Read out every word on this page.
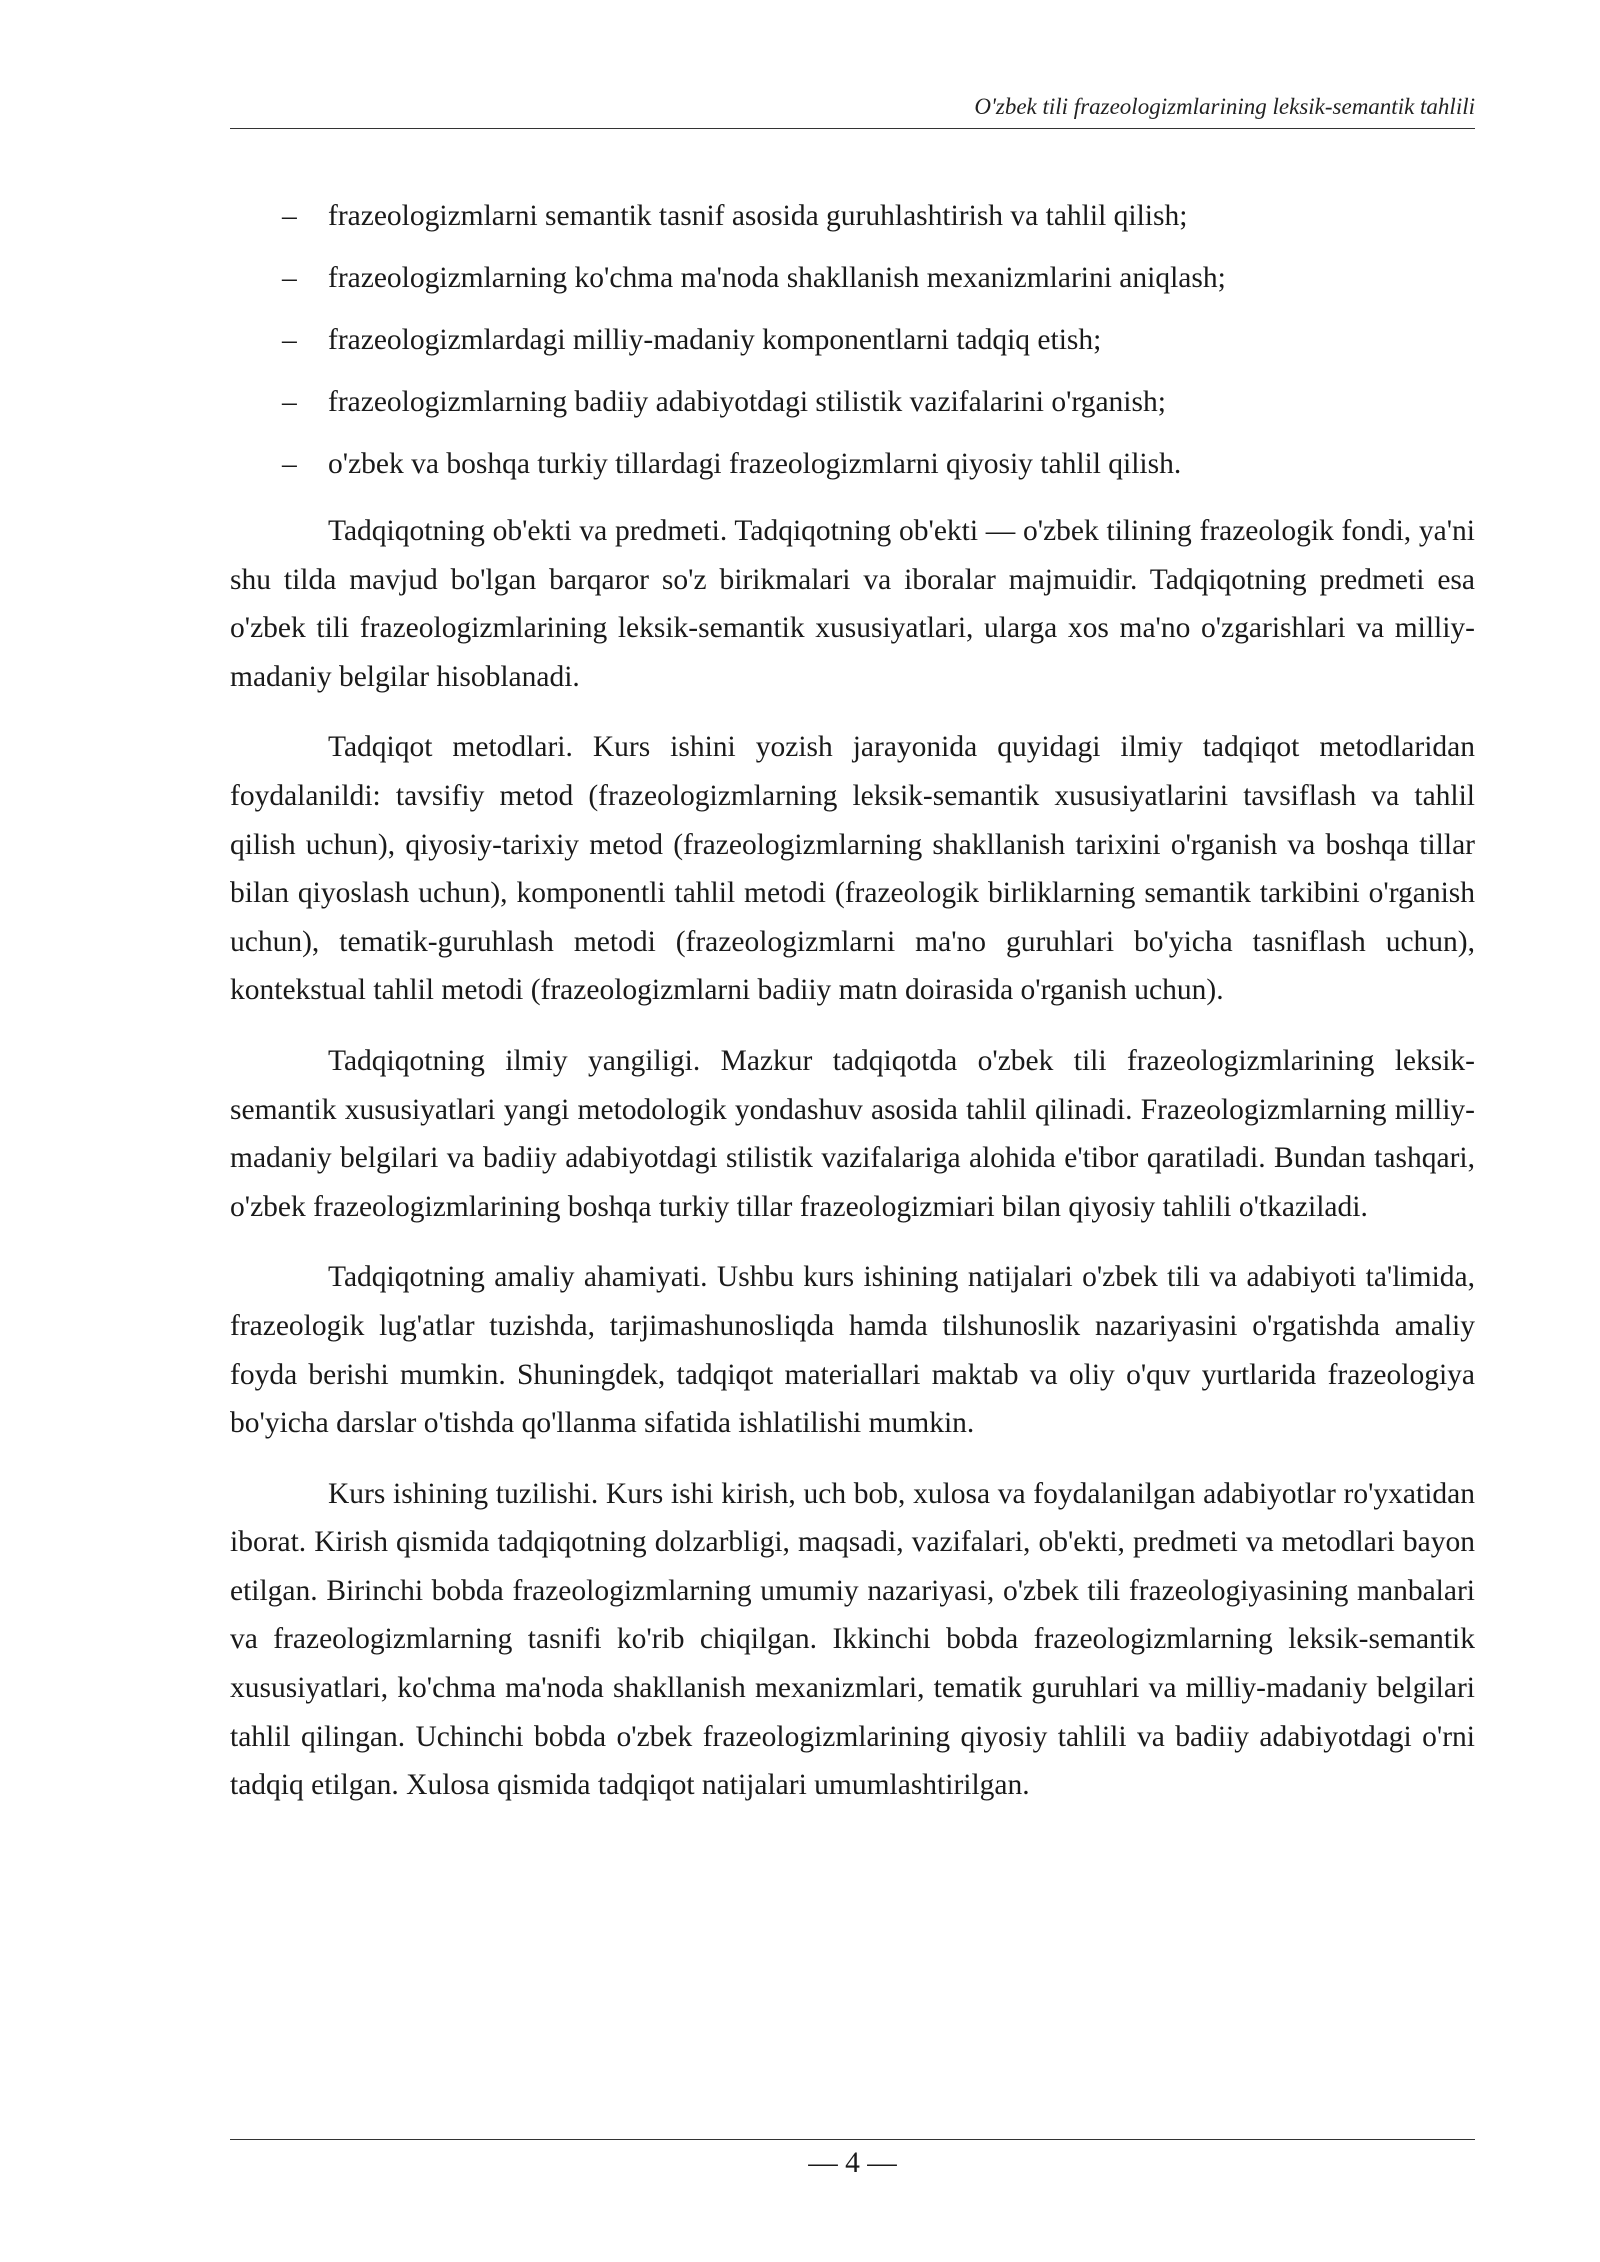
O'zbek tili frazeologizmlarining leksik-semantik tahlili
– frazeologizmlarni semantik tasnif asosida guruhlashtirish va tahlil qilish;
– frazeologizmlarning ko'chma ma'noda shakllanish mexanizmlarini aniqlash;
– frazeologizmlardagi milliy-madaniy komponentlarni tadqiq etish;
– frazeologizmlarning badiiy adabiyotdagi stilistik vazifalarini o'rganish;
– o'zbek va boshqa turkiy tillardagi frazeologizmlarni qiyosiy tahlil qilish.

Tadqiqotning ob'ekti va predmeti. Tadqiqotning ob'ekti — o'zbek tilining frazeologik fondi, ya'ni shu tilda mavjud bo'lgan barqaror so'z birikmalari va iboralar majmuidir. Tadqiqotning predmeti esa o'zbek tili frazeologizmlarining leksik-semantik xususiyatlari, ularga xos ma'no o'zgarishlari va milliy-madaniy belgilar hisoblanadi.

Tadqiqot metodlari. Kurs ishini yozish jarayonida quyidagi ilmiy tadqiqot metodlaridan foydalanildi: tavsifiy metod (frazeologizmlarning leksik-semantik xususiyatlarini tavsiflash va tahlil qilish uchun), qiyosiy-tarixiy metod (frazeologizmlarning shakllanish tarixini o'rganish va boshqa tillar bilan qiyoslash uchun), komponentli tahlil metodi (frazeologik birliklarning semantik tarkibini o'rganish uchun), tematik-guruhlash metodi (frazeologizmlarni ma'no guruhlari bo'yicha tasniflash uchun), kontekstual tahlil metodi (frazeologizmlarni badiiy matn doirasida o'rganish uchun).

Tadqiqotning ilmiy yangiligi. Mazkur tadqiqotda o'zbek tili frazeologizmlarining leksik-semantik xususiyatlari yangi metodologik yondashuv asosida tahlil qilinadi. Frazeologizmlarning milliy-madaniy belgilari va badiiy adabiyotdagi stilistik vazifalariga alohida e'tibor qaratiladi. Bundan tashqari, o'zbek frazeologizmlarining boshqa turkiy tillar frazeologizmiari bilan qiyosiy tahlili o'tkaziladi.

Tadqiqotning amaliy ahamiyati. Ushbu kurs ishining natijalari o'zbek tili va adabiyoti ta'limida, frazeologik lug'atlar tuzishda, tarjimashunosliqda hamda tilshunoslik nazariyasini o'rgatishda amaliy foyda berishi mumkin. Shuningdek, tadqiqot materiallari maktab va oliy o'quv yurtlarida frazeologiya bo'yicha darslar o'tishda qo'llanma sifatida ishlatilishi mumkin.

Kurs ishining tuzilishi. Kurs ishi kirish, uch bob, xulosa va foydalanilgan adabiyotlar ro'yxatidan iborat. Kirish qismida tadqiqotning dolzarbligi, maqsadi, vazifalari, ob'ekti, predmeti va metodlari bayon etilgan. Birinchi bobda frazeologizmlarning umumiy nazariyasi, o'zbek tili frazeologiyasining manbalari va frazeologizmlarning tasnifi ko'rib chiqilgan. Ikkinchi bobda frazeologizmlarning leksik-semantik xususiyatlari, ko'chma ma'noda shakllanish mexanizmlari, tematik guruhlari va milliy-madaniy belgilari tahlil qilingan. Uchinchi bobda o'zbek frazeologizmlarining qiyosiy tahlili va badiiy adabiyotdagi o'rni tadqiq etilgan. Xulosa qismida tadqiqot natijalari umumlashtirilgan.

— 4 —
